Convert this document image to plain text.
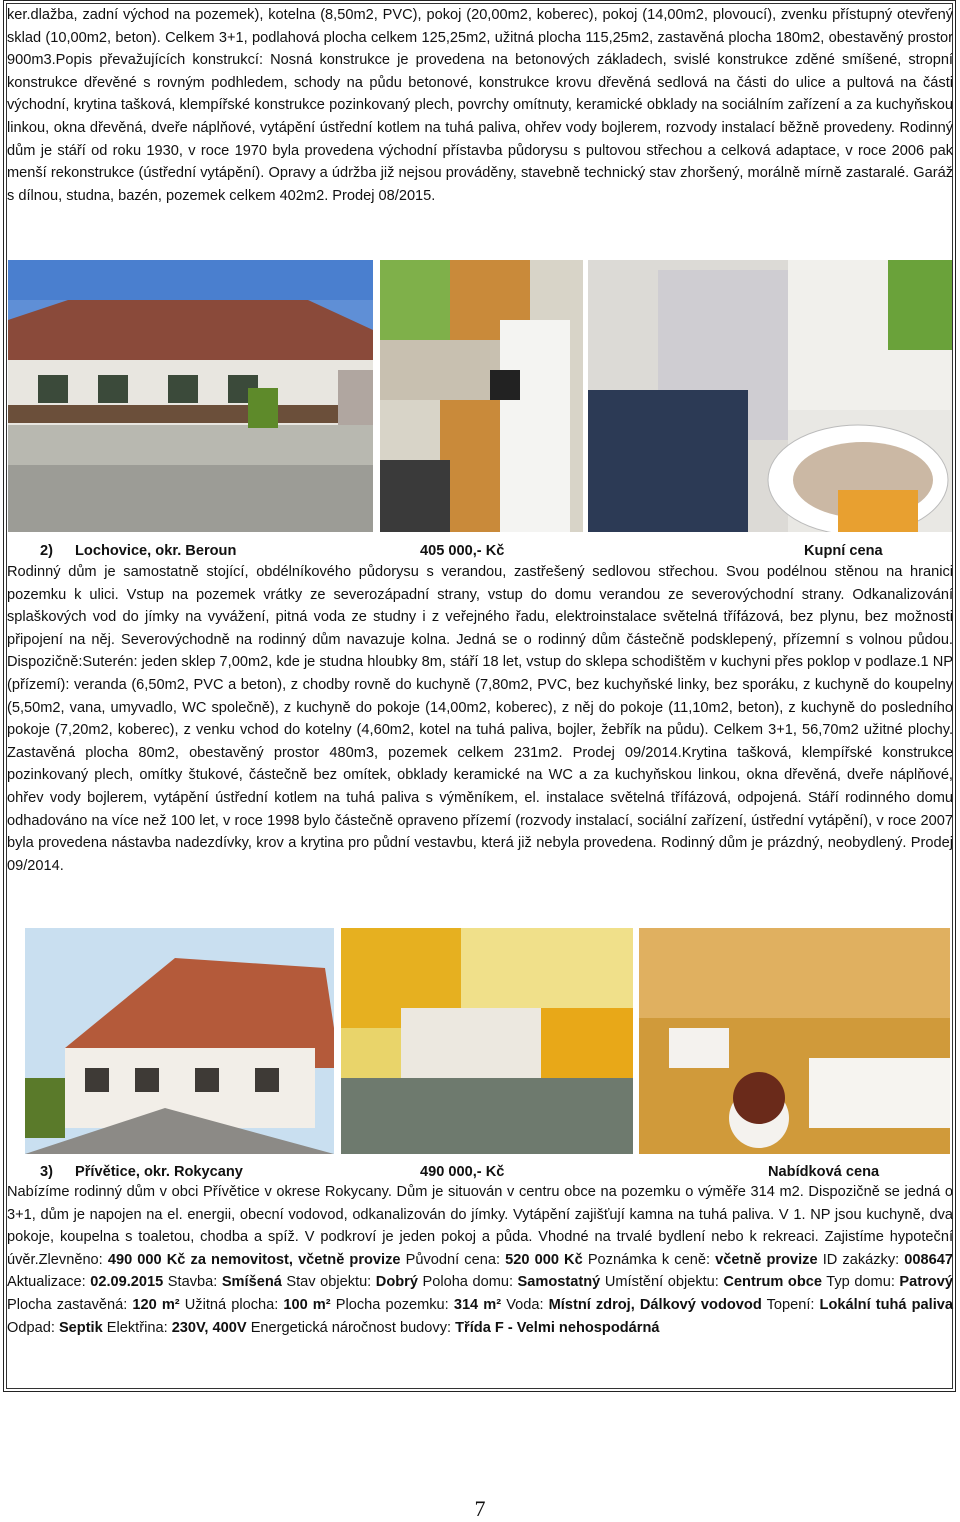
ker.dlažba, zadní východ na pozemek), kotelna (8,50m2, PVC), pokoj (20,00m2, koberec), pokoj (14,00m2, plovoucí), zvenku přístupný otevřený sklad (10,00m2, beton). Celkem 3+1, podlahová plocha celkem 125,25m2, užitná plocha 115,25m2, zastavěná plocha 180m2, obestavěný prostor 900m3.Popis převažujících konstrukcí: Nosná konstrukce je provedena na betonových základech, svislé konstrukce zděné smíšené, stropní konstrukce dřevěné s rovným podhledem, schody na půdu betonové, konstrukce krovu dřevěná sedlová na části do ulice a pultová na části východní, krytina tašková, klempířské konstrukce pozinkovaný plech, povrchy omítnuty, keramické obklady na sociálním zařízení a za kuchyňskou linkou, okna dřevěná, dveře náplňové, vytápění ústřední kotlem na tuhá paliva, ohřev vody bojlerem, rozvody instalací běžně provedeny. Rodinný dům je stáří od roku 1930, v roce 1970 byla provedena východní přístavba půdorysu s pultovou střechou a celková adaptace, v roce 2006 pak menší rekonstrukce (ústřední vytápění). Opravy a údržba již nejsou prováděny, stavebně technický stav zhoršený, morálně mírně zastaralé. Garáž s dílnou, studna, bazén, pozemek celkem 402m2. Prodej 08/2015.

2) Lochovice, okr. Beroun	405 000,- Kč	Kupní cena

Rodinný dům je samostatně stojící, obdélníkového půdorysu s verandou, zastřešený sedlovou střechou. Svou podélnou stěnou na hranici pozemku k ulici. Vstup na pozemek vrátky ze severozápadní strany, vstup do domu verandou ze severovýchodní strany. Odkanalizování splaškových vod do jímky na vyvážení, pitná voda ze studny i z veřejného řadu, elektroinstalace světelná třífázová, bez plynu, bez možnosti připojení na něj. Severovýchodně na rodinný dům navazuje kolna. Jedná se o rodinný dům částečně podsklepený, přízemní s volnou půdou. Dispozičně:Suterén: jeden sklep 7,00m2, kde je studna hloubky 8m, stáří 18 let, vstup do sklepa schodištěm v kuchyni přes poklop v podlaze.1 NP (přízemí): veranda (6,50m2, PVC a beton), z chodby rovně do kuchyně (7,80m2, PVC, bez kuchyňské linky, bez sporáku, z kuchyně do koupelny (5,50m2, vana, umyvadlo, WC společně), z kuchyně do pokoje (14,00m2, koberec), z něj do pokoje (11,10m2, beton), z kuchyně do posledního pokoje (7,20m2, koberec), z venku vchod do kotelny (4,60m2, kotel na tuhá paliva, bojler, žebřík na půdu). Celkem 3+1, 56,70m2 užitné plochy. Zastavěná plocha 80m2, obestavěný prostor 480m3, pozemek celkem 231m2. Prodej 09/2014.Krytina tašková, klempířské konstrukce pozinkovaný plech, omítky štukové, částečně bez omítek, obklady keramické na WC a za kuchyňskou linkou, okna dřevěná, dveře náplňové, ohřev vody bojlerem, vytápění ústřední kotlem na tuhá paliva s výměníkem, el. instalace světelná třífázová, odpojená. Stáří rodinného domu odhadováno na více než 100 let, v roce 1998 bylo částečně opraveno přízemí (rozvody instalací, sociální zařízení, ústřední vytápění), v roce 2007 byla provedena nástavba nadezdívky, krov a krytina pro půdní vestavbu, která již nebyla provedena. Rodinný dům je prázdný, neobydlený. Prodej 09/2014.

3) Přívětice, okr. Rokycany	490 000,- Kč	Nabídková cena

Nabízíme rodinný dům v obci Přívětice v okrese Rokycany. Dům je situován v centru obce na pozemku o výměře 314 m2. Dispozičně se jedná o 3+1, dům je napojen na el. energii, obecní vodovod, odkanalizován do jímky. Vytápění zajišťují kamna na tuhá paliva. V 1. NP jsou kuchyně, dva pokoje, koupelna s toaletou, chodba a spíž. V podkroví je jeden pokoj a půda. Vhodné na trvalé bydlení nebo k rekreaci. Zajistíme hypoteční úvěr.Zlevněno: 490 000 Kč za nemovitost, včetně provize Původní cena: 520 000 Kč Poznámka k ceně: včetně provize ID zakázky: 008647 Aktualizace: 02.09.2015 Stavba: Smíšená Stav objektu: Dobrý Poloha domu: Samostatný Umístění objektu: Centrum obce Typ domu: Patrový Plocha zastavěná: 120 m² Užitná plocha: 100 m² Plocha pozemku: 314 m² Voda: Místní zdroj, Dálkový vodovod Topení: Lokální tuhá paliva Odpad: Septik Elektřina: 230V, 400V Energetická náročnost budovy: Třída F - Velmi nehospodárná

7
